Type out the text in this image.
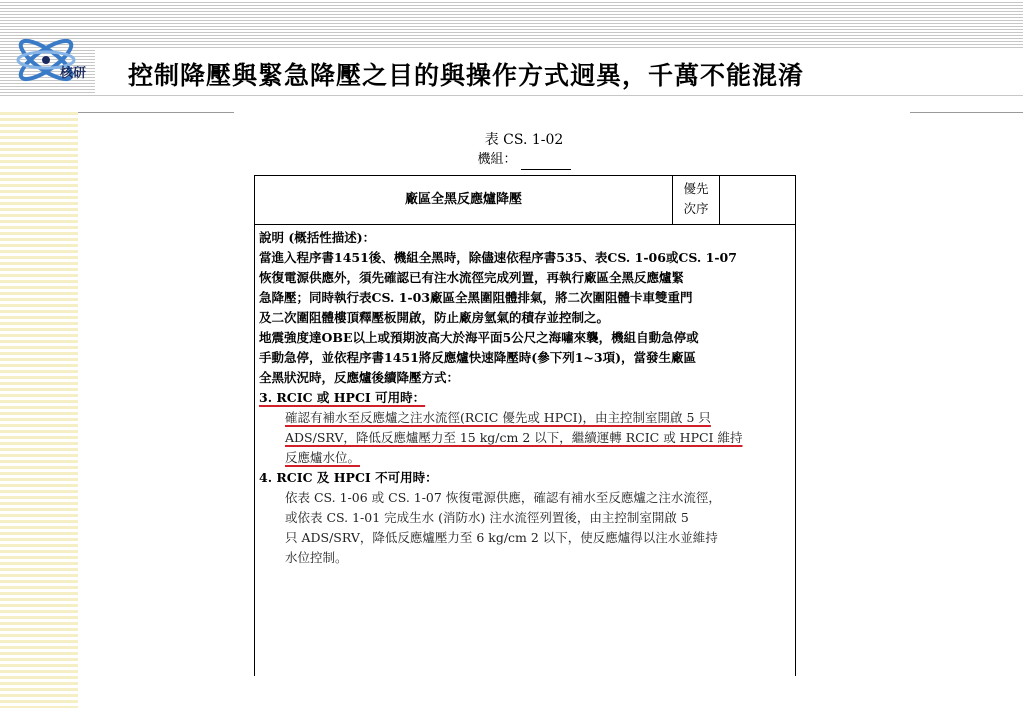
核研 控制降壓與緊急降壓之目的與操作方式迥異，千萬不能混淆
表 CS. 1-02
機組：
廠區全黑反應爐降壓
優先
次序

說明 (概括性描述)：

當進入程序書1451後、機組全黑時，除儘速依程序書535、表CS. 1-06或CS. 1-07

恢復電源供應外，須先確認已有注水流徑完成列置，再執行廠區全黑反應爐緊

急降壓；同時執行表CS. 1-03廠區全黑圍阻體排氣，將二次圍阻體卡車雙重門

及二次圍阻體樓頂釋壓板開啟，防止廠房氫氣的積存並控制之。

地震強度達OBE以上或預期波高大於海平面5公尺之海嘯來襲，機組自動急停或

手動急停，並依程序書1451將反應爐快速降壓時(參下列1~3項)，當發生廠區

全黑狀況時，反應爐後續降壓方式：

3. RCIC 或 HPCI 可用時：

確認有補水至反應爐之注水流徑(RCIC 優先或 HPCI)，由主控制室開啟 5 只

ADS/SRV，降低反應爐壓力至 15 kg/cm 2 以下，繼續運轉 RCIC 或 HPCI 維持

反應爐水位。

4. RCIC 及 HPCI 不可用時：

依表 CS. 1-06 或 CS. 1-07 恢復電源供應，確認有補水至反應爐之注水流徑，

或依表 CS. 1-01 完成生水 (消防水) 注水流徑列置後，由主控制室開啟 5

只 ADS/SRV，降低反應爐壓力至 6 kg/cm 2 以下，使反應爐得以注水並維持

水位控制。
